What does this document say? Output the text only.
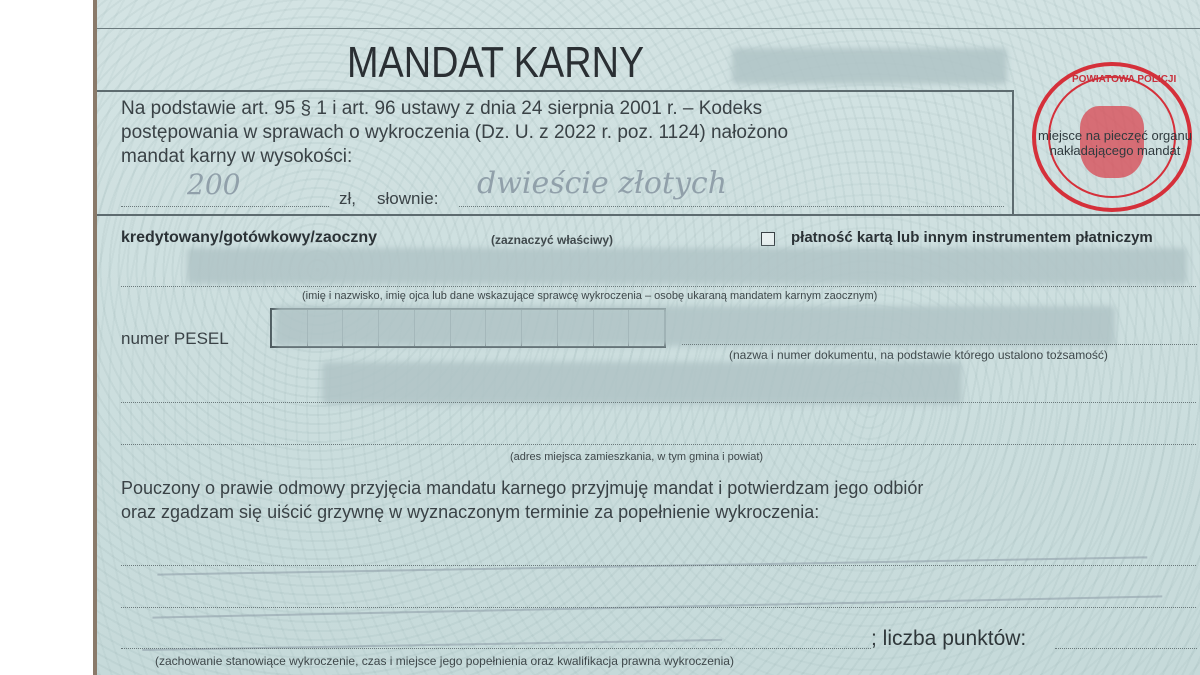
MANDAT KARNY	POWIATOWA POLICJI
miejsce na pieczęć organu nakładającego mandat
Na podstawie art. 95 § 1 i art. 96 ustawy z dnia 24 sierpnia 2001 r. – Kodeks
postępowania w sprawach o wykroczenia (Dz. U. z 2022 r. poz. 1124) nałożono
mandat karny w wysokości:
200	zł, słownie: dwieście złotych
kredytowany/gotówkowy/zaoczny	(zaznaczyć właściwy)	płatność kartą lub innym instrumentem płatniczym
(imię i nazwisko, imię ojca lub dane wskazujące sprawcę wykroczenia – osobę ukaraną mandatem karnym zaocznym)
numer PESEL
(nazwa i numer dokumentu, na podstawie którego ustalono tożsamość)
(adres miejsca zamieszkania, w tym gmina i powiat)
Pouczony o prawie odmowy przyjęcia mandatu karnego przyjmuję mandat i potwierdzam jego odbiór
oraz zgadzam się uiścić grzywnę w wyznaczonym terminie za popełnienie wykroczenia:
; liczba punktów:
(zachowanie stanowiące wykroczenie, czas i miejsce jego popełnienia oraz kwalifikacja prawna wykroczenia)
